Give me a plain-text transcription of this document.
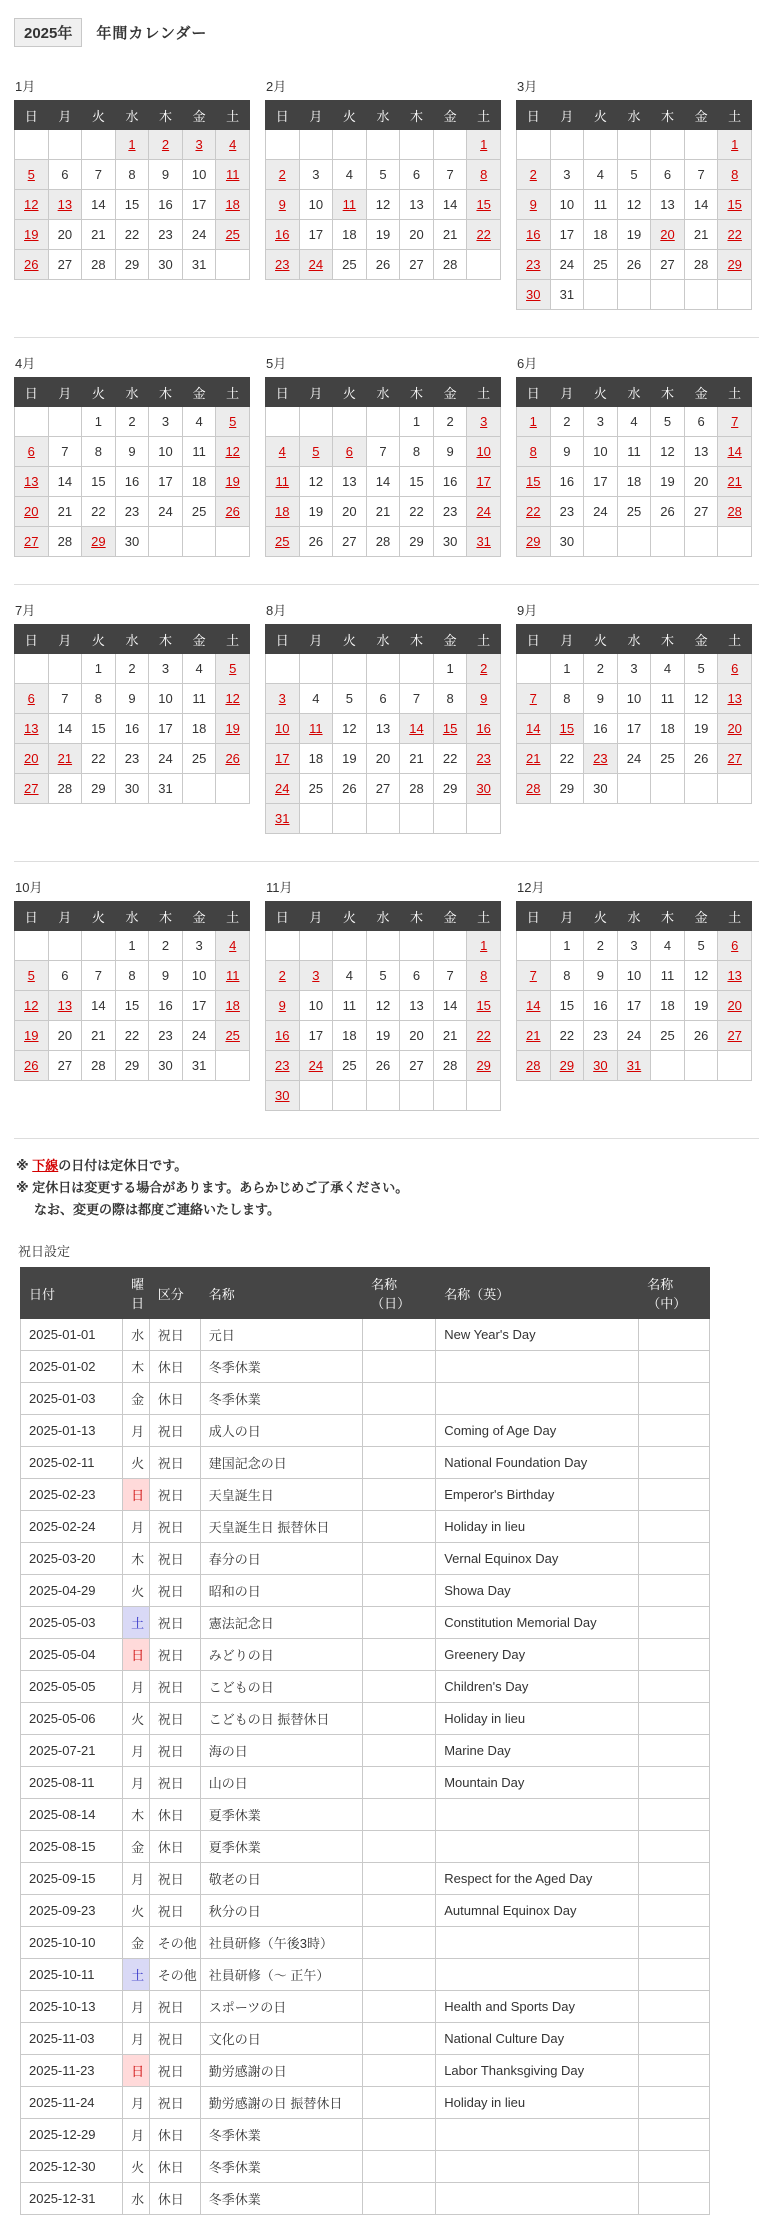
2025年	年間カレンダー
1月
日	月	火	水	木	金	土
			1	2	3	4
5	6	7	8	9	10	11
12	13	14	15	16	17	18
19	20	21	22	23	24	25
26	27	28	29	30	31	
2月
日	月	火	水	木	金	土
						1
2	3	4	5	6	7	8
9	10	11	12	13	14	15
16	17	18	19	20	21	22
23	24	25	26	27	28	
3月
日	月	火	水	木	金	土
						1
2	3	4	5	6	7	8
9	10	11	12	13	14	15
16	17	18	19	20	21	22
23	24	25	26	27	28	29
30	31					
4月
日	月	火	水	木	金	土
		1	2	3	4	5
6	7	8	9	10	11	12
13	14	15	16	17	18	19
20	21	22	23	24	25	26
27	28	29	30			
5月
日	月	火	水	木	金	土
				1	2	3
4	5	6	7	8	9	10
11	12	13	14	15	16	17
18	19	20	21	22	23	24
25	26	27	28	29	30	31
6月
日	月	火	水	木	金	土
1	2	3	4	5	6	7
8	9	10	11	12	13	14
15	16	17	18	19	20	21
22	23	24	25	26	27	28
29	30					
7月
日	月	火	水	木	金	土
		1	2	3	4	5
6	7	8	9	10	11	12
13	14	15	16	17	18	19
20	21	22	23	24	25	26
27	28	29	30	31		
8月
日	月	火	水	木	金	土
					1	2
3	4	5	6	7	8	9
10	11	12	13	14	15	16
17	18	19	20	21	22	23
24	25	26	27	28	29	30
31						
9月
日	月	火	水	木	金	土
	1	2	3	4	5	6
7	8	9	10	11	12	13
14	15	16	17	18	19	20
21	22	23	24	25	26	27
28	29	30				
10月
日	月	火	水	木	金	土
			1	2	3	4
5	6	7	8	9	10	11
12	13	14	15	16	17	18
19	20	21	22	23	24	25
26	27	28	29	30	31	
11月
日	月	火	水	木	金	土
						1
2	3	4	5	6	7	8
9	10	11	12	13	14	15
16	17	18	19	20	21	22
23	24	25	26	27	28	29
30						
12月
日	月	火	水	木	金	土
	1	2	3	4	5	6
7	8	9	10	11	12	13
14	15	16	17	18	19	20
21	22	23	24	25	26	27
28	29	30	31			
※ 下線の日付は定休日です。
※ 定休日は変更する場合があります。あらかじめご了承ください。
なお、変更の際は都度ご連絡いたします。
祝日設定
日付	曜日	区分	名称	名称（日）	名称（英）	名称（中）
2025-01-01	水	祝日	元日		New Year's Day	
2025-01-02	木	休日	冬季休業			
2025-01-03	金	休日	冬季休業			
2025-01-13	月	祝日	成人の日		Coming of Age Day	
2025-02-11	火	祝日	建国記念の日		National Foundation Day	
2025-02-23	日	祝日	天皇誕生日		Emperor's Birthday	
2025-02-24	月	祝日	天皇誕生日 振替休日		Holiday in lieu	
2025-03-20	木	祝日	春分の日		Vernal Equinox Day	
2025-04-29	火	祝日	昭和の日		Showa Day	
2025-05-03	土	祝日	憲法記念日		Constitution Memorial Day	
2025-05-04	日	祝日	みどりの日		Greenery Day	
2025-05-05	月	祝日	こどもの日		Children's Day	
2025-05-06	火	祝日	こどもの日 振替休日		Holiday in lieu	
2025-07-21	月	祝日	海の日		Marine Day	
2025-08-11	月	祝日	山の日		Mountain Day	
2025-08-14	木	休日	夏季休業			
2025-08-15	金	休日	夏季休業			
2025-09-15	月	祝日	敬老の日		Respect for the Aged Day	
2025-09-23	火	祝日	秋分の日		Autumnal Equinox Day	
2025-10-10	金	その他	社員研修（午後3時）			
2025-10-11	土	その他	社員研修（～ 正午）			
2025-10-13	月	祝日	スポーツの日		Health and Sports Day	
2025-11-03	月	祝日	文化の日		National Culture Day	
2025-11-23	日	祝日	勤労感謝の日		Labor Thanksgiving Day	
2025-11-24	月	祝日	勤労感謝の日 振替休日		Holiday in lieu	
2025-12-29	月	休日	冬季休業			
2025-12-30	火	休日	冬季休業			
2025-12-31	水	休日	冬季休業			
